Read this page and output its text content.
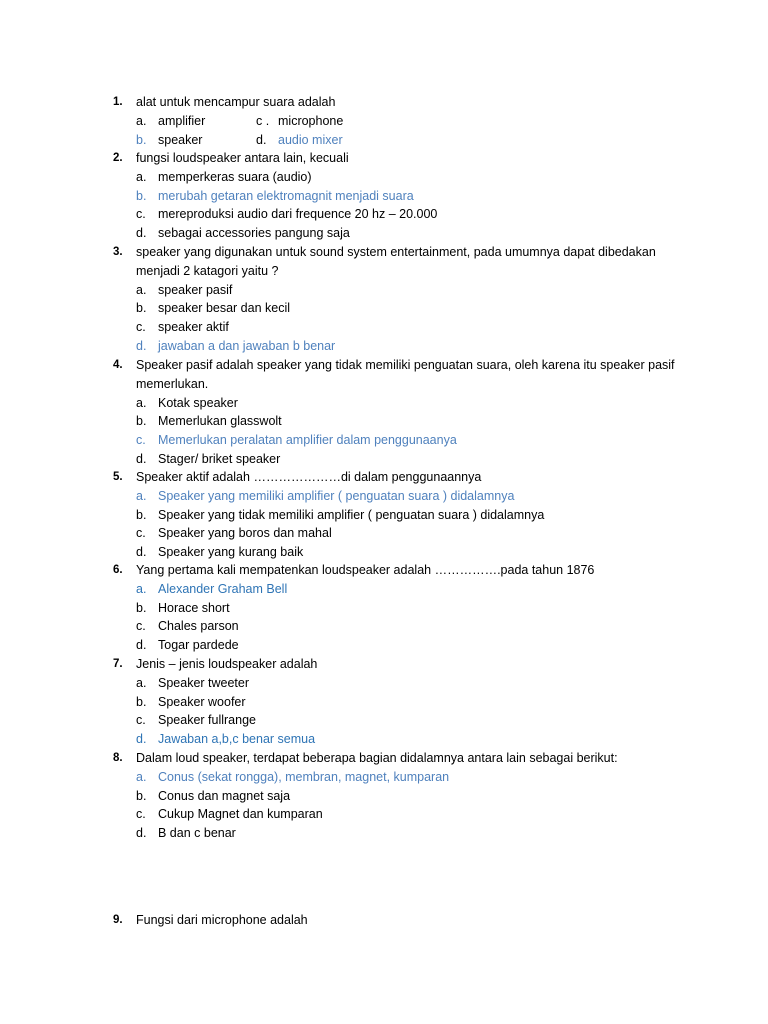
1.	alat untuk mencampur suara adalah
a. amplifier	c . microphone
b. speaker	d. audio mixer
2.	fungsi loudspeaker antara lain, kecuali
a. memperkeras suara (audio)
b. merubah getaran elektromagnit menjadi suara
c. mereproduksi audio dari frequence 20 hz – 20.000
d. sebagai accessories pangung saja
3.	speaker yang digunakan untuk sound system entertainment, pada umumnya dapat dibedakan menjadi 2 katagori yaitu ?
a. speaker pasif
b. speaker besar dan kecil
c. speaker aktif
d. jawaban a dan jawaban b benar
4.	Speaker pasif adalah speaker yang tidak memiliki penguatan suara, oleh karena itu speaker pasif memerlukan.
a. Kotak speaker
b. Memerlukan glasswolt
c. Memerlukan peralatan amplifier dalam penggunaanya
d. Stager/ briket speaker
5.	Speaker aktif adalah …………………di dalam penggunaannya
a. Speaker yang memiliki amplifier ( penguatan suara ) didalamnya
b. Speaker yang tidak memiliki amplifier ( penguatan suara ) didalamnya
c. Speaker yang boros dan mahal
d. Speaker yang kurang baik
6.	Yang pertama kali mempatenkan loudspeaker adalah …………….pada tahun 1876
a. Alexander Graham Bell
b. Horace short
c. Chales parson
d. Togar pardede
7.	Jenis – jenis loudspeaker adalah
a. Speaker tweeter
b. Speaker woofer
c. Speaker fullrange
d. Jawaban a,b,c benar semua
8.	Dalam loud speaker, terdapat beberapa bagian didalamnya antara lain sebagai berikut:
a. Conus (sekat rongga), membran, magnet, kumparan
b. Conus dan magnet saja
c. Cukup Magnet dan kumparan
d. B dan c benar
9.	Fungsi dari microphone adalah
